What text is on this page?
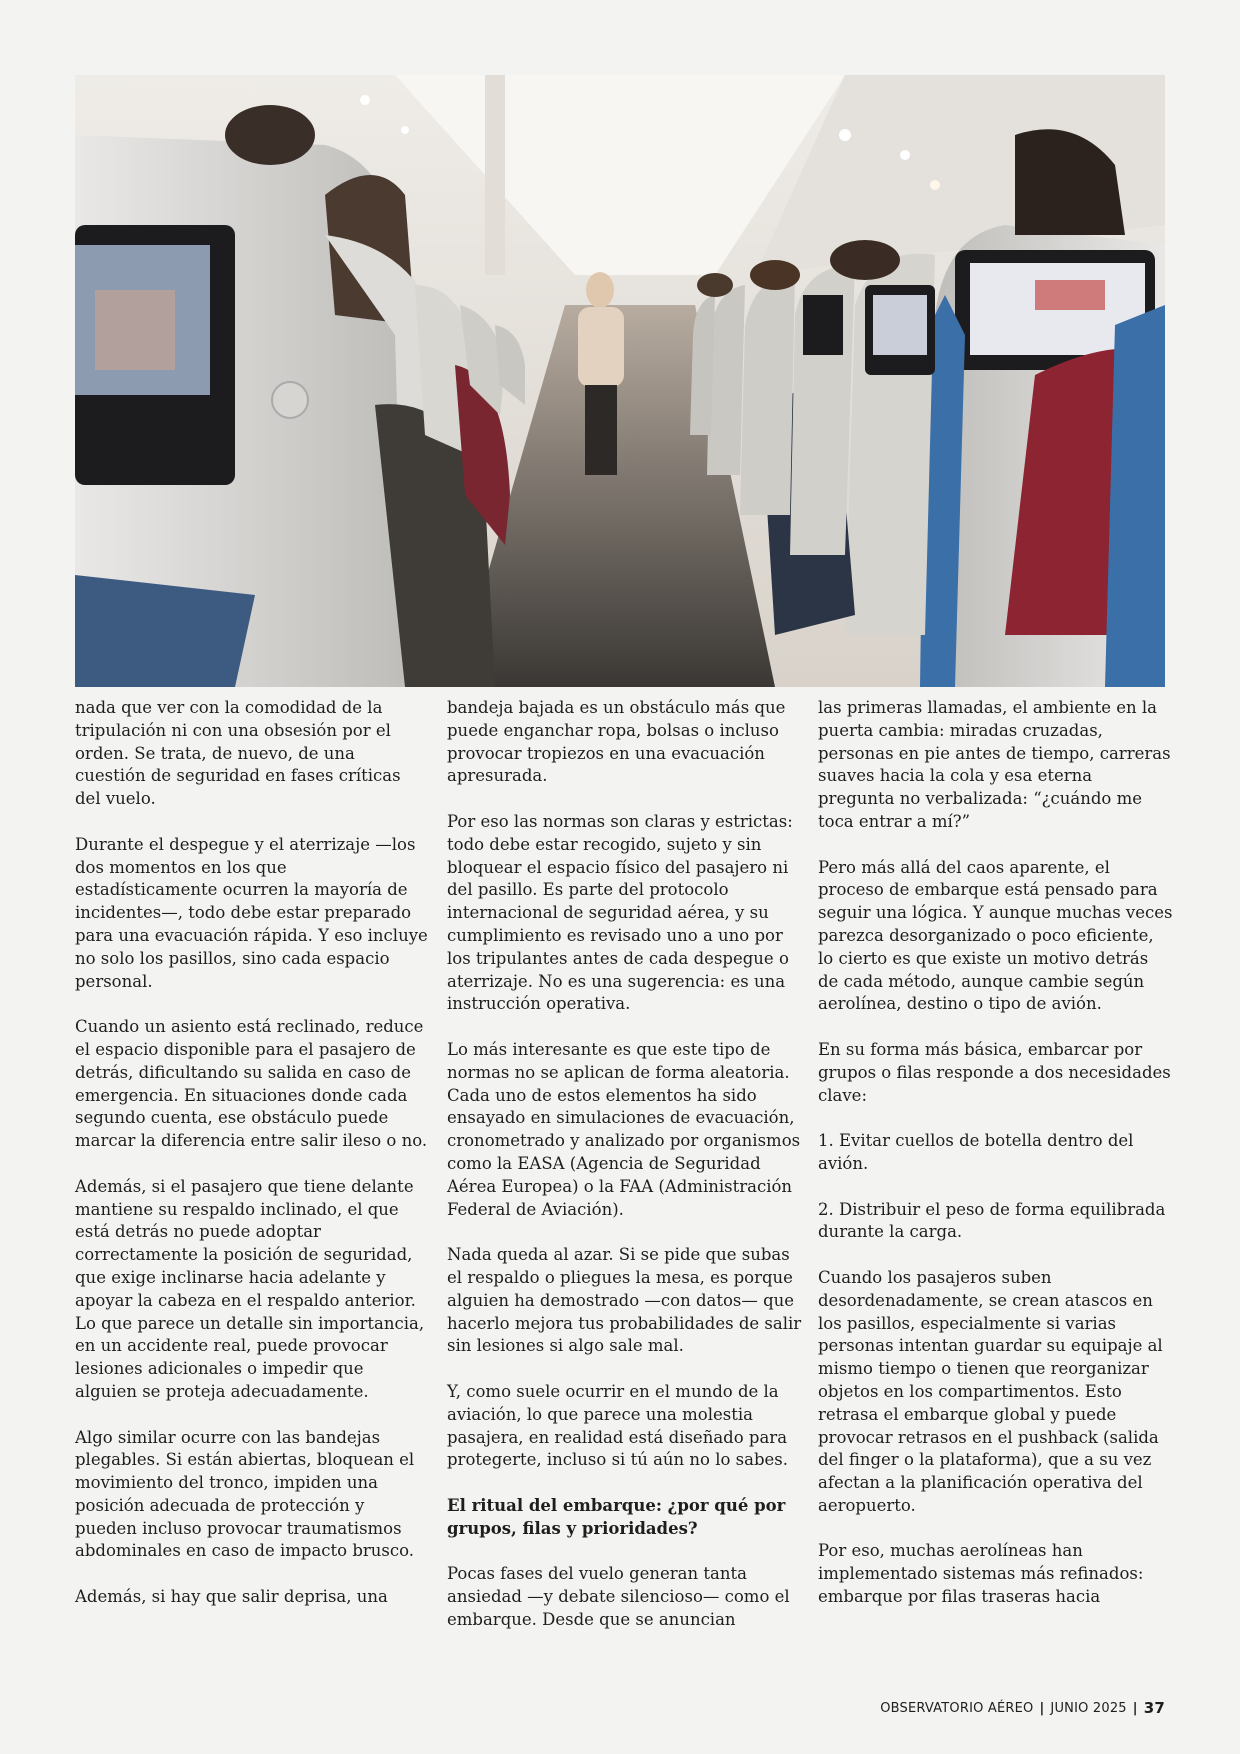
nada que ver con la comodidad de la tripulación ni con una obsesión por el orden. Se trata, de nuevo, de una cuestión de seguridad en fases críticas del vuelo.

Durante el despegue y el aterrizaje —los dos momentos en los que estadísticamente ocurren la mayoría de incidentes—, todo debe estar preparado para una evacuación rápida. Y eso incluye no solo los pasillos, sino cada espacio personal.

Cuando un asiento está reclinado, reduce el espacio disponible para el pasajero de detrás, dificultando su salida en caso de emergencia. En situaciones donde cada segundo cuenta, ese obstáculo puede marcar la diferencia entre salir ileso o no.

Además, si el pasajero que tiene delante mantiene su respaldo inclinado, el que está detrás no puede adoptar correctamente la posición de seguridad, que exige inclinarse hacia adelante y apoyar la cabeza en el respaldo anterior. Lo que parece un detalle sin importancia, en un accidente real, puede provocar lesiones adicionales o impedir que alguien se proteja adecuadamente.

Algo similar ocurre con las bandejas plegables. Si están abiertas, bloquean el movimiento del tronco, impiden una posición adecuada de protección y pueden incluso provocar traumatismos abdominales en caso de impacto brusco.

Además, si hay que salir deprisa, una

bandeja bajada es un obstáculo más que puede enganchar ropa, bolsas o incluso provocar tropiezos en una evacuación apresurada.

Por eso las normas son claras y estrictas: todo debe estar recogido, sujeto y sin bloquear el espacio físico del pasajero ni del pasillo. Es parte del protocolo internacional de seguridad aérea, y su cumplimiento es revisado uno a uno por los tripulantes antes de cada despegue o aterrizaje. No es una sugerencia: es una instrucción operativa.

Lo más interesante es que este tipo de normas no se aplican de forma aleatoria. Cada uno de estos elementos ha sido ensayado en simulaciones de evacuación, cronometrado y analizado por organismos como la EASA (Agencia de Seguridad Aérea Europea) o la FAA (Administración Federal de Aviación).

Nada queda al azar. Si se pide que subas el respaldo o pliegues la mesa, es porque alguien ha demostrado —con datos— que hacerlo mejora tus probabilidades de salir sin lesiones si algo sale mal.

Y, como suele ocurrir en el mundo de la aviación, lo que parece una molestia pasajera, en realidad está diseñado para protegerte, incluso si tú aún no lo sabes.

El ritual del embarque: ¿por qué por grupos, filas y prioridades?

Pocas fases del vuelo generan tanta ansiedad —y debate silencioso— como el embarque. Desde que se anuncian

las primeras llamadas, el ambiente en la puerta cambia: miradas cruzadas, personas en pie antes de tiempo, carreras suaves hacia la cola y esa eterna pregunta no verbalizada: “¿cuándo me toca entrar a mí?”

Pero más allá del caos aparente, el proceso de embarque está pensado para seguir una lógica. Y aunque muchas veces parezca desorganizado o poco eficiente, lo cierto es que existe un motivo detrás de cada método, aunque cambie según aerolínea, destino o tipo de avión.

En su forma más básica, embarcar por grupos o filas responde a dos necesidades clave:

1. Evitar cuellos de botella dentro del avión.

2. Distribuir el peso de forma equilibrada durante la carga.

Cuando los pasajeros suben desordenadamente, se crean atascos en los pasillos, especialmente si varias personas intentan guardar su equipaje al mismo tiempo o tienen que reorganizar objetos en los compartimentos. Esto retrasa el embarque global y puede provocar retrasos en el pushback (salida del finger o la plataforma), que a su vez afectan a la planificación operativa del aeropuerto.

Por eso, muchas aerolíneas han implementado sistemas más refinados: embarque por filas traseras hacia

OBSERVATORIO AÉREO | JUNIO 2025 | 37
